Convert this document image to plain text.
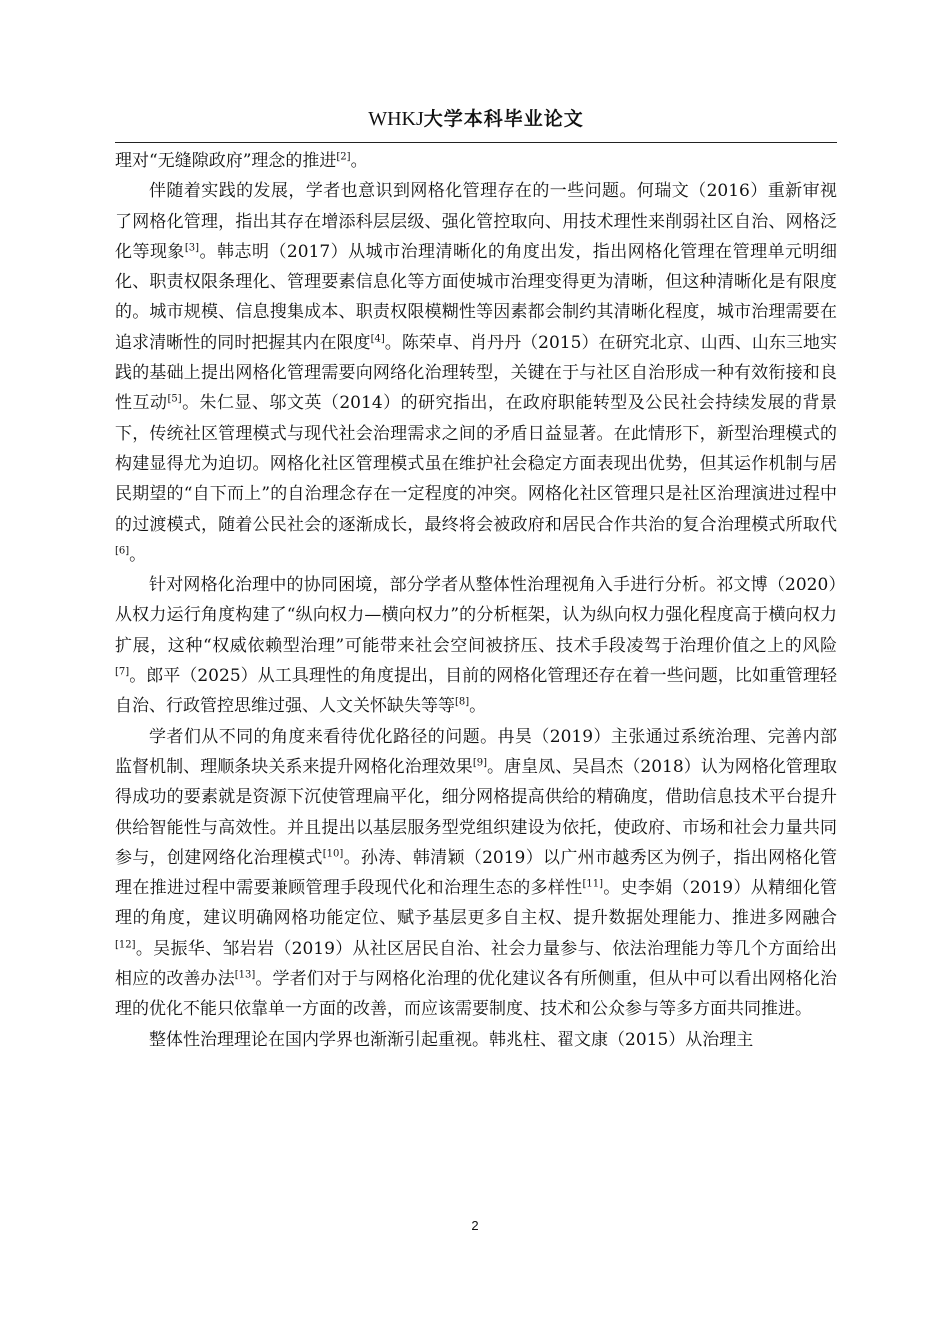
WHKJ大学本科毕业论文

理对“无缝隙政府”理念的推进[2]。

伴随着实践的发展，学者也意识到网格化管理存在的一些问题。何瑞文（2016）重新审视了网格化管理，指出其存在增添科层层级、强化管控取向、用技术理性来削弱社区自治、网格泛化等现象[3]。韩志明（2017）从城市治理清晰化的角度出发，指出网格化管理在管理单元明细化、职责权限条理化、管理要素信息化等方面使城市治理变得更为清晰，但这种清晰化是有限度的。城市规模、信息搜集成本、职责权限模糊性等因素都会制约其清晰化程度，城市治理需要在追求清晰性的同时把握其内在限度[4]。陈荣卓、肖丹丹（2015）在研究北京、山西、山东三地实践的基础上提出网格化管理需要向网络化治理转型，关键在于与社区自治形成一种有效衔接和良性互动[5]。朱仁显、邬文英（2014）的研究指出，在政府职能转型及公民社会持续发展的背景下，传统社区管理模式与现代社会治理需求之间的矛盾日益显著。在此情形下，新型治理模式的构建显得尤为迫切。网格化社区管理模式虽在维护社会稳定方面表现出优势，但其运作机制与居民期望的“自下而上”的自治理念存在一定程度的冲突。网格化社区管理只是社区治理演进过程中的过渡模式，随着公民社会的逐渐成长，最终将会被政府和居民合作共治的复合治理模式所取代[6]。

针对网格化治理中的协同困境，部分学者从整体性治理视角入手进行分析。祁文博（2020）从权力运行角度构建了“纵向权力—横向权力”的分析框架，认为纵向权力强化程度高于横向权力扩展，这种“权威依赖型治理”可能带来社会空间被挤压、技术手段凌驾于治理价值之上的风险[7]。郎平（2025）从工具理性的角度提出，目前的网格化管理还存在着一些问题，比如重管理轻自治、行政管控思维过强、人文关怀缺失等等[8]。

学者们从不同的角度来看待优化路径的问题。冉昊（2019）主张通过系统治理、完善内部监督机制、理顺条块关系来提升网格化治理效果[9]。唐皇凤、吴昌杰（2018）认为网格化管理取得成功的要素就是资源下沉使管理扁平化，细分网格提高供给的精确度，借助信息技术平台提升供给智能性与高效性。并且提出以基层服务型党组织建设为依托，使政府、市场和社会力量共同参与，创建网络化治理模式[10]。孙涛、韩清颖（2019）以广州市越秀区为例子，指出网格化管理在推进过程中需要兼顾管理手段现代化和治理生态的多样性[11]。史李娟（2019）从精细化管理的角度，建议明确网格功能定位、赋予基层更多自主权、提升数据处理能力、推进多网融合[12]。吴振华、邹岩岩（2019）从社区居民自治、社会力量参与、依法治理能力等几个方面给出相应的改善办法[13]。学者们对于与网格化治理的优化建议各有所侧重，但从中可以看出网格化治理的优化不能只依靠单一方面的改善，而应该需要制度、技术和公众参与等多方面共同推进。

整体性治理理论在国内学界也渐渐引起重视。韩兆柱、翟文康（2015）从治理主

2
